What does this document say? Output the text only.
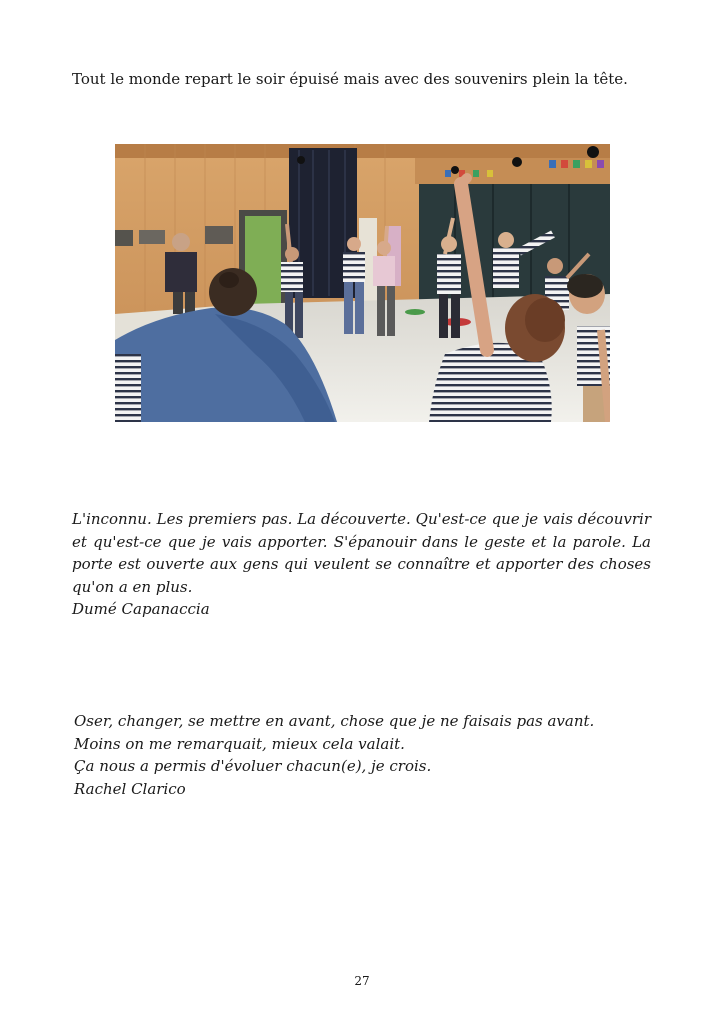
Tout le monde repart le soir épuisé mais avec des souvenirs plein la tête.
L'inconnu. Les premiers pas. La découverte. Qu'est-ce que je vais découvrir et qu'est-ce que je vais apporter. S'épanouir dans le geste et la parole. La porte est ouverte aux gens qui veulent se connaître et apporter des choses qu'on a en plus.
Dumé Capanaccia
Oser, changer, se mettre en avant, chose que je ne faisais pas avant.
Moins on me remarquait, mieux cela valait.
Ça nous a permis d'évoluer chacun(e), je crois.
Rachel Clarico
27
